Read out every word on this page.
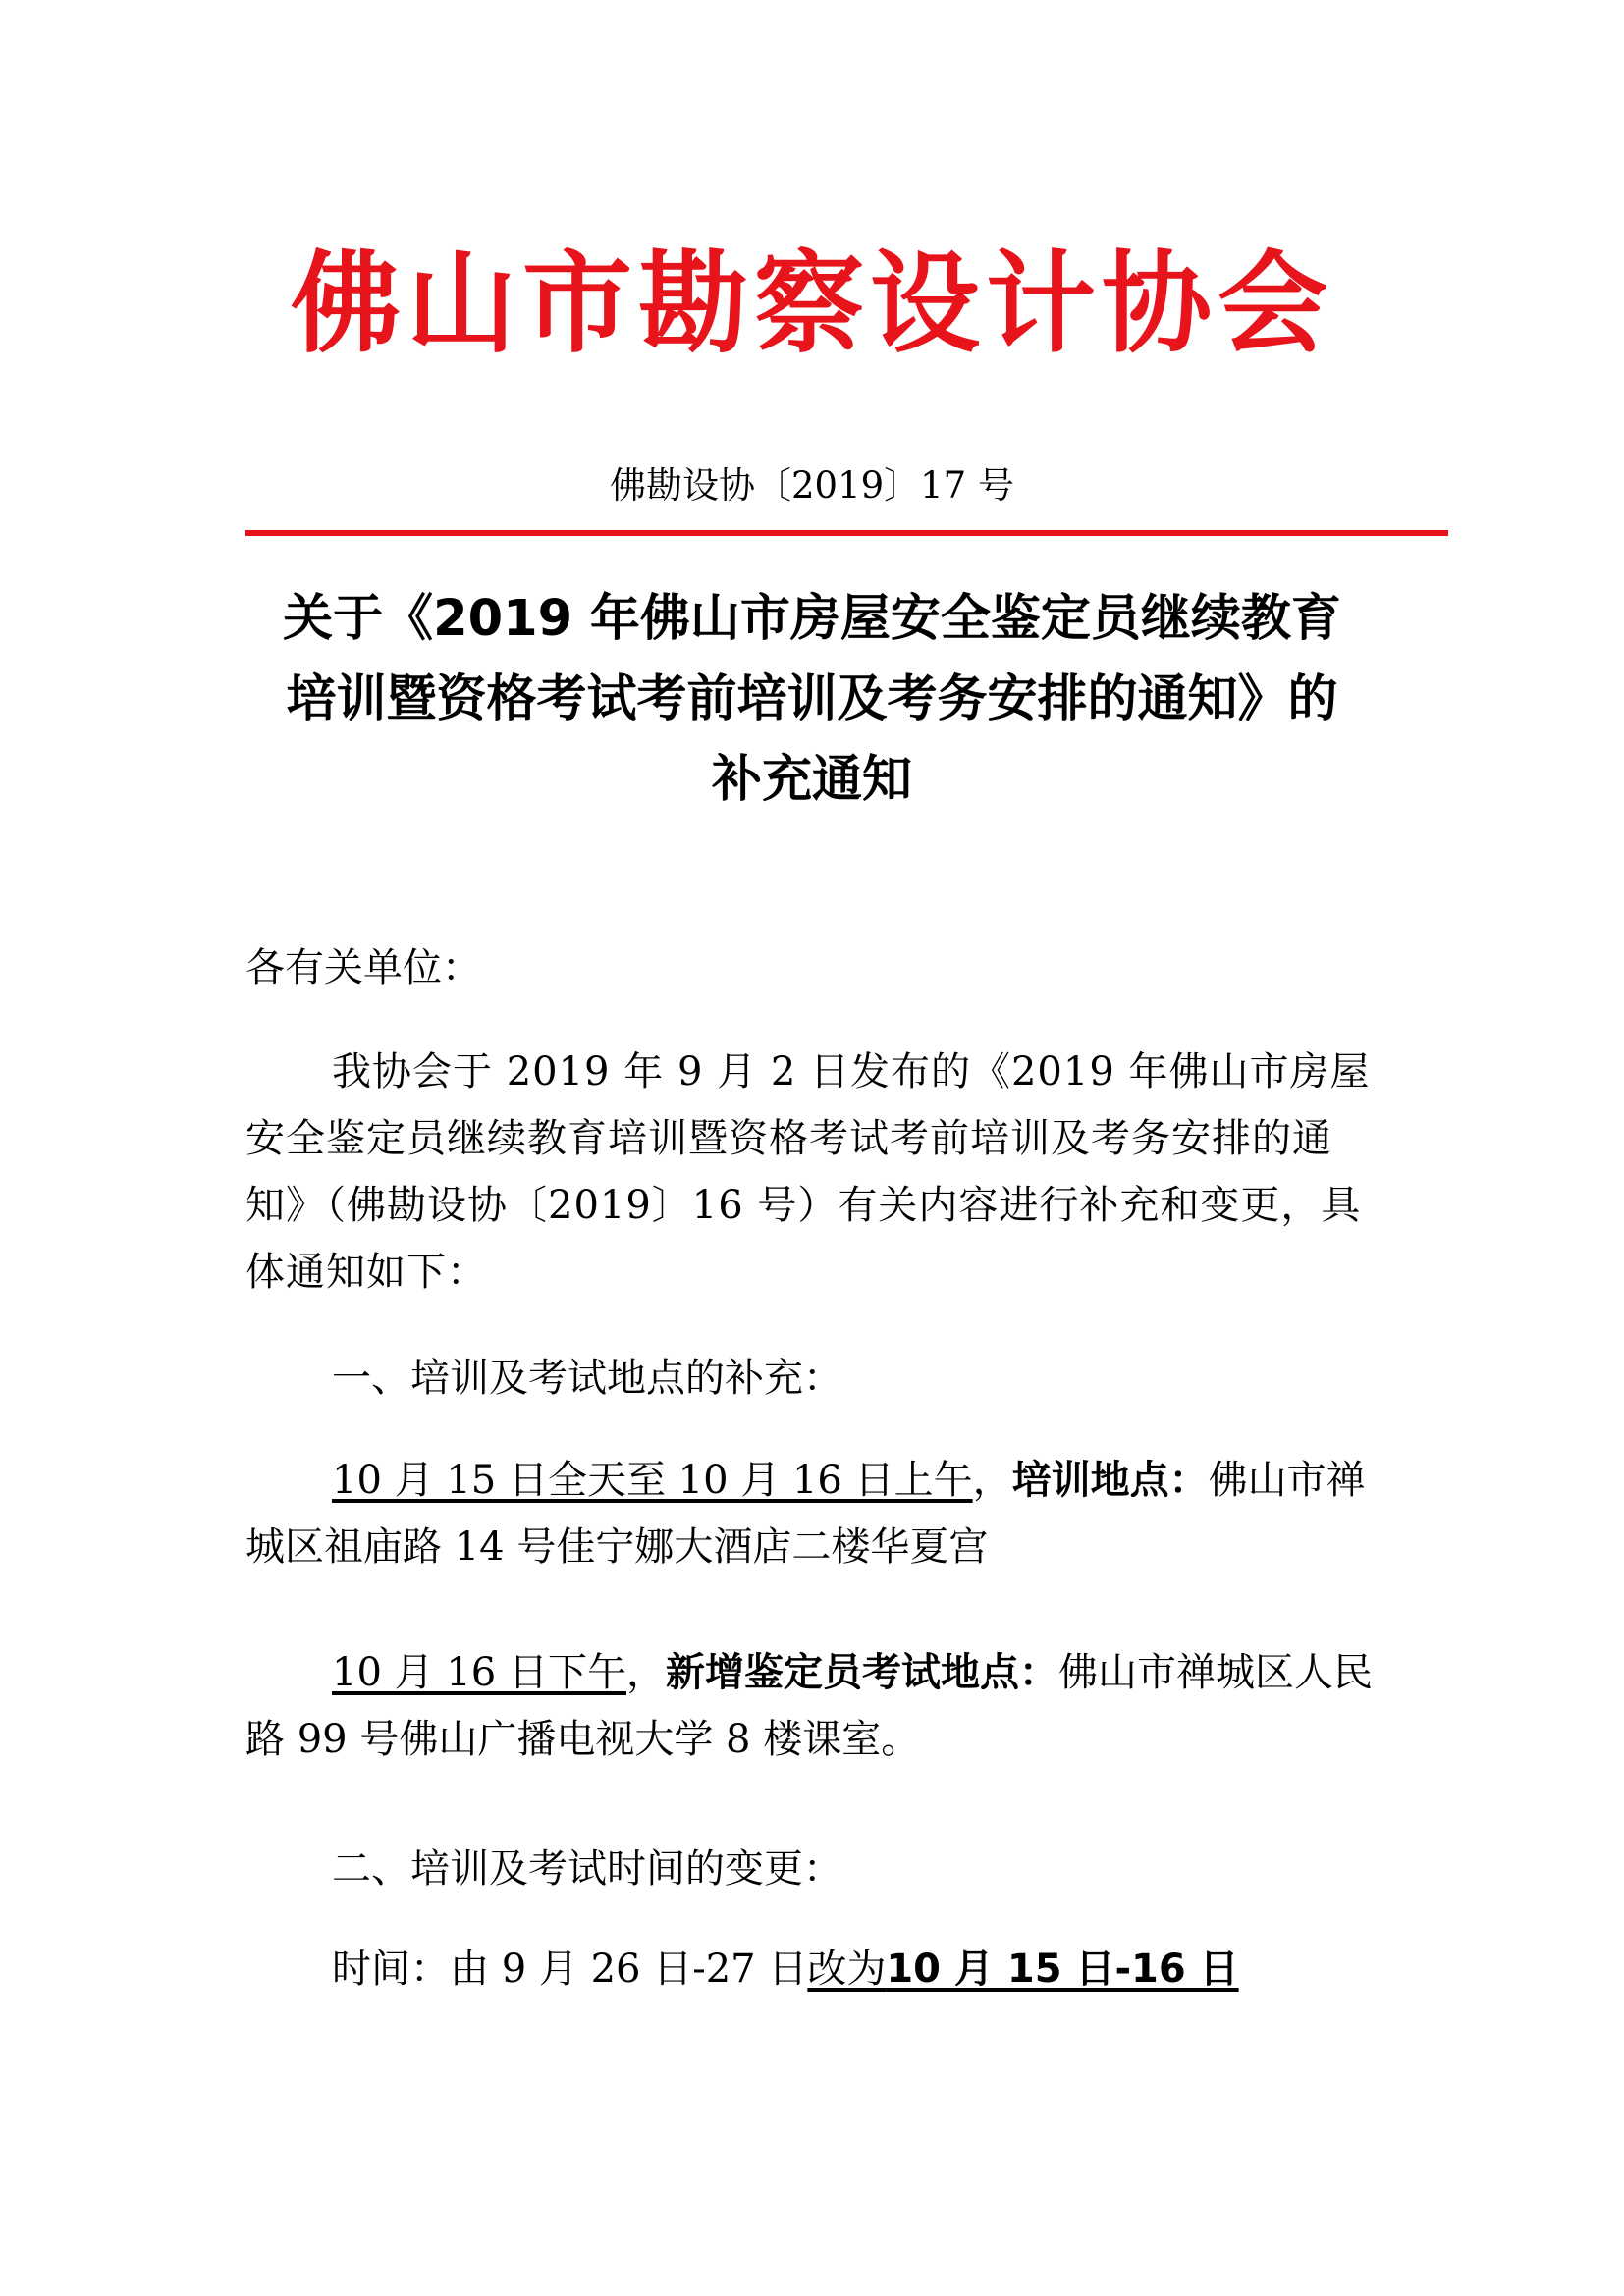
佛山市勘察设计协会
佛勘设协〔2019〕17 号
关于《2019 年佛山市房屋安全鉴定员继续教育
培训暨资格考试考前培训及考务安排的通知》的
补充通知
各有关单位：
我协会于 2019 年 9 月 2 日发布的《2019 年佛山市房屋安全鉴定员继续教育培训暨资格考试考前培训及考务安排的通知》（佛勘设协〔2019〕16 号）有关内容进行补充和变更，具体通知如下：
一、培训及考试地点的补充：
10 月 15 日全天至 10 月 16 日上午，培训地点：佛山市禅城区祖庙路 14 号佳宁娜大酒店二楼华夏宫
10 月 16 日下午，新增鉴定员考试地点：佛山市禅城区人民路 99 号佛山广播电视大学 8 楼课室。
二、培训及考试时间的变更：
时间：由 9 月 26 日-27 日改为10 月 15 日-16 日
